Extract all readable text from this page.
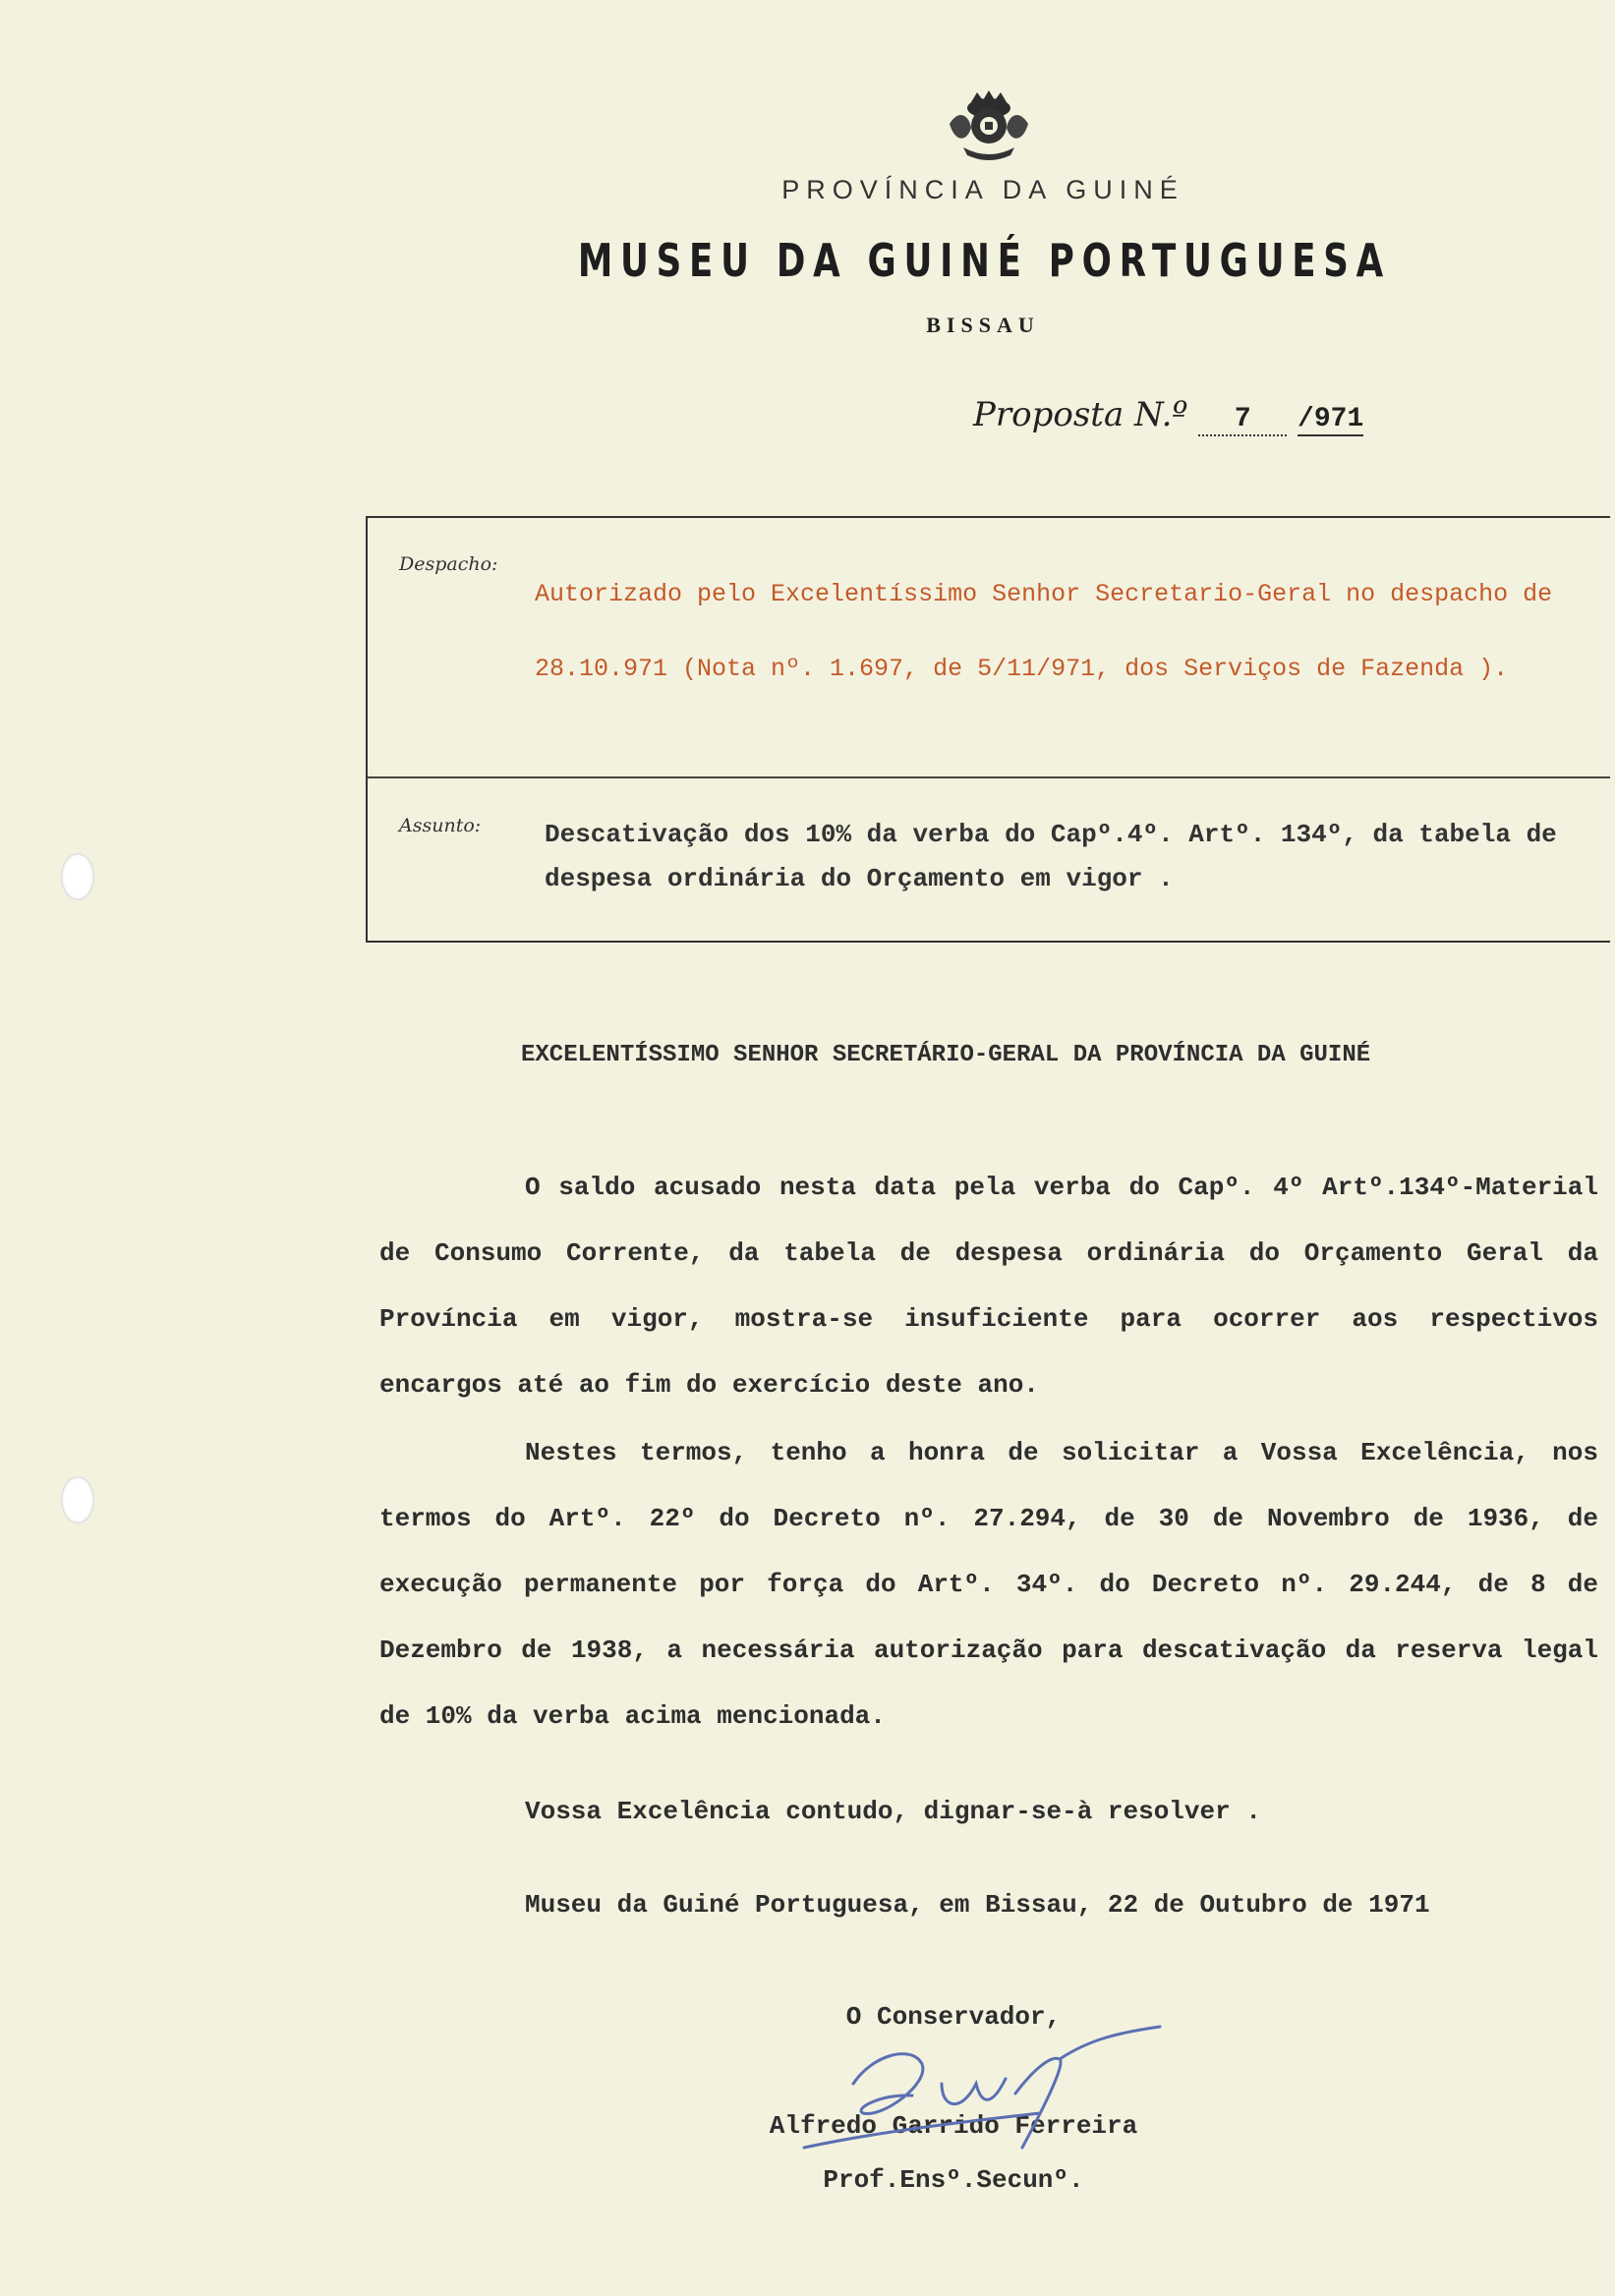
PROVÍNCIA DA GUINÉ
MUSEU DA GUINÉ PORTUGUESA
BISSAU
Proposta N.º 7 /971
Despacho:
Autorizado pelo Excelentíssimo Senhor Secretario-Geral no despacho de 28.10.971 (Nota nº. 1.697, de 5/11/971, dos Serviços de Fazenda ).
Assunto: Descativação dos 10% da verba do Capº.4º. Artº. 134º, da tabela de despesa ordinária do Orçamento em vigor .
EXCELENTÍSSIMO SENHOR SECRETÁRIO-GERAL DA PROVÍNCIA DA GUINÉ
O saldo acusado nesta data pela verba do Capº. 4º Artº.134º-Material de Consumo Corrente, da tabela de despesa ordinária do Orçamento Geral da Província em vigor, mostra-se insuficiente para ocorrer aos respectivos encargos até ao fim do exercício deste ano.
Nestes termos, tenho a honra de solicitar a Vossa Excelência, nos termos do Artº. 22º do Decreto nº. 27.294, de 30 de Novembro de 1936, de execução permanente por força do Artº. 34º. do Decreto nº. 29.244, de 8 de Dezembro de 1938, a necessária autorização para descativação da reserva legal de 10% da verba acima mencionada.
Vossa Excelência contudo, dignar-se-à resolver .
Museu da Guiné Portuguesa, em Bissau, 22 de Outubro de 1971
O Conservador,
Alfredo Garrido Ferreira
Prof.Ensº.Secunº.
